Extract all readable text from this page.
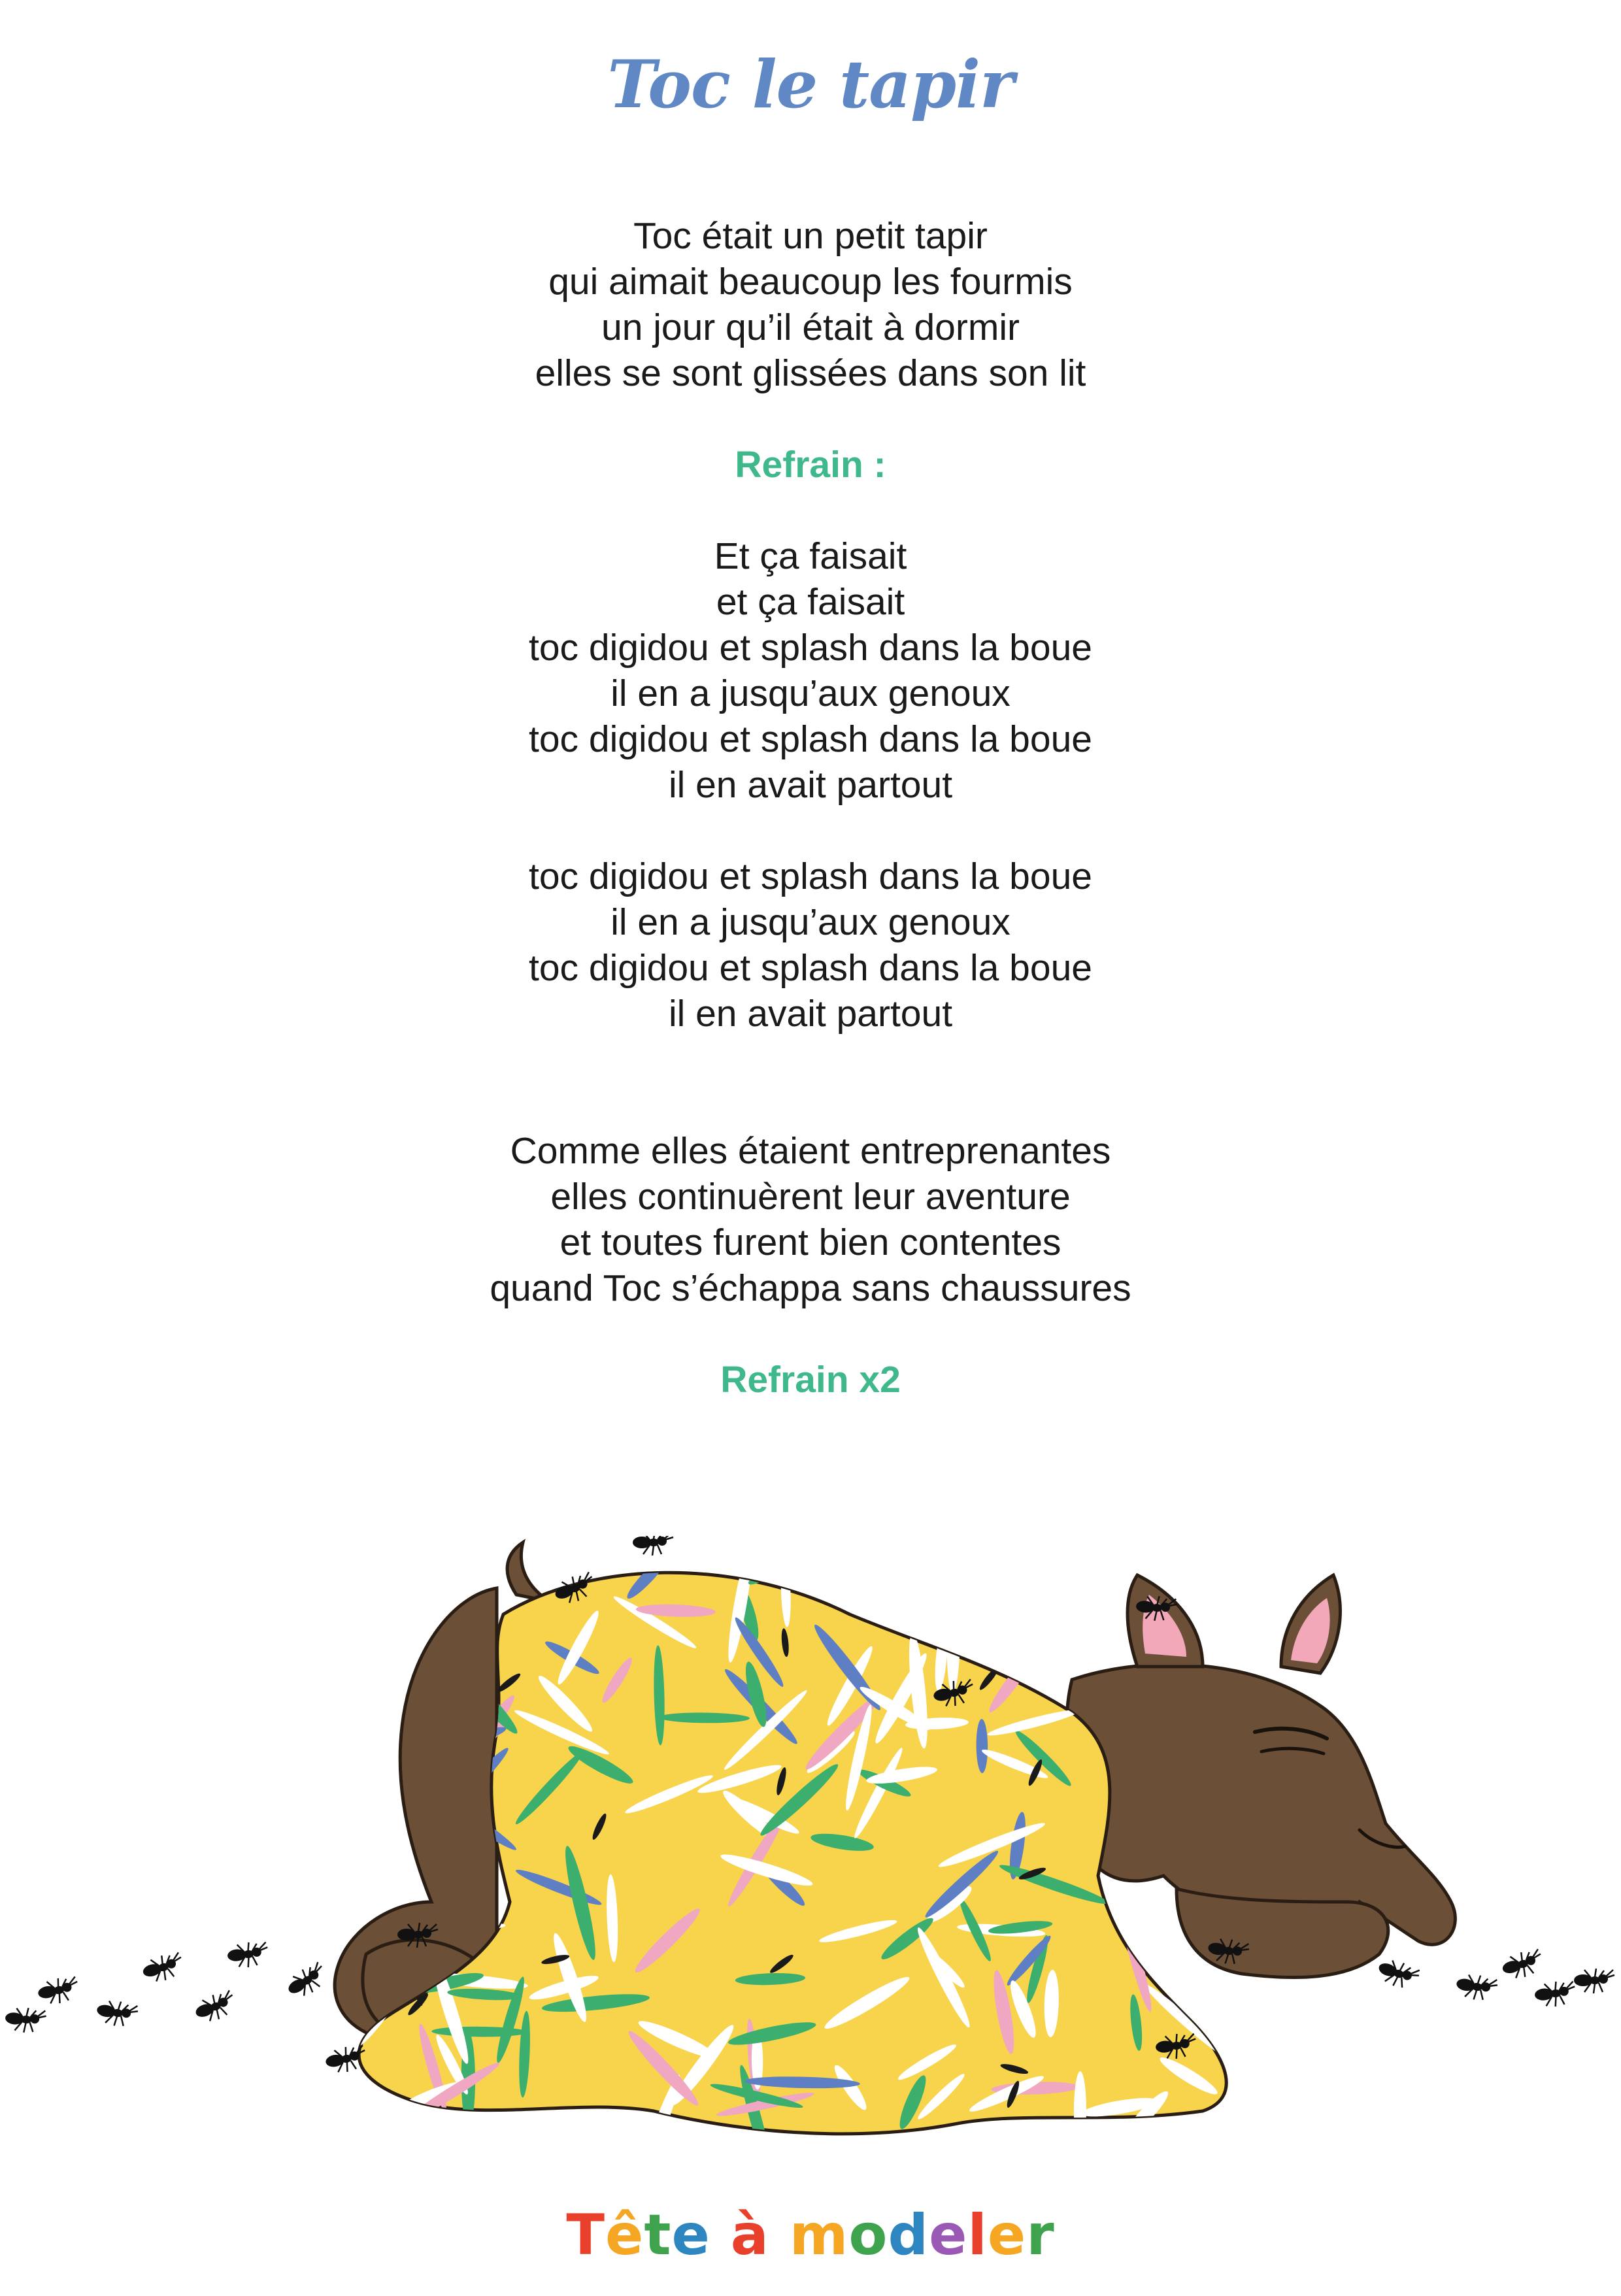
Toc le tapir
Toc était un petit tapir
qui aimait beaucoup les fourmis
un jour qu’il était à dormir
elles se sont glissées dans son lit
Refrain :
Et ça faisait
et ça faisait
toc digidou et splash dans la boue
il en a jusqu’aux genoux
toc digidou et splash dans la boue
il en avait partout
toc digidou et splash dans la boue
il en a jusqu’aux genoux
toc digidou et splash dans la boue
il en avait partout
Comme elles étaient entreprenantes
elles continuèrent leur aventure
et toutes furent bien contentes
quand Toc s’échappa sans chaussures
Refrain x2
Tête à modeler
